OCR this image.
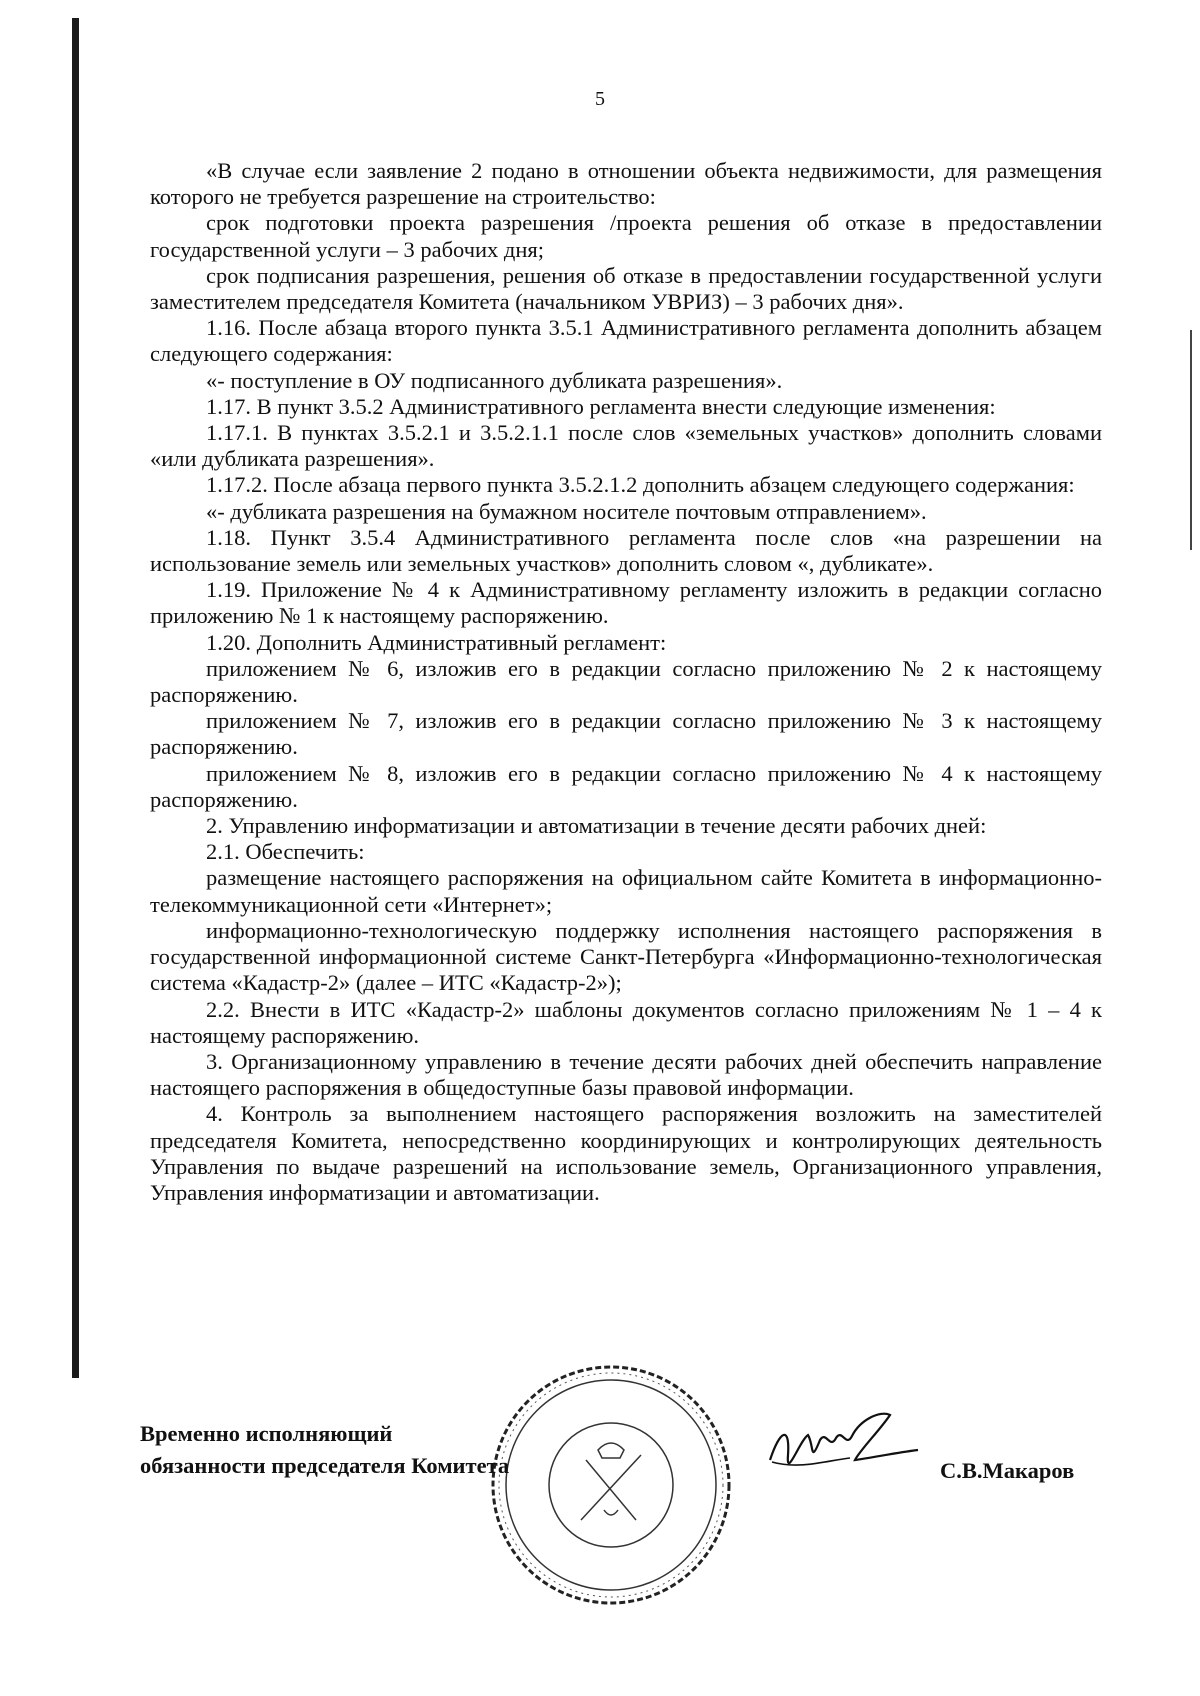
5

«В случае если заявление 2 подано в отношении объекта недвижимости, для размещения которого не требуется разрешение на строительство:

срок подготовки проекта разрешения /проекта решения об отказе в предоставлении государственной услуги – 3 рабочих дня;

срок подписания разрешения, решения об отказе в предоставлении государственной услуги заместителем председателя Комитета (начальником УВРИЗ) – 3 рабочих дня».

1.16. После абзаца второго пункта 3.5.1 Административного регламента дополнить абзацем следующего содержания:

«- поступление в ОУ подписанного дубликата разрешения».

1.17. В пункт 3.5.2 Административного регламента внести следующие изменения:

1.17.1. В пунктах 3.5.2.1 и 3.5.2.1.1 после слов «земельных участков» дополнить словами «или дубликата разрешения».

1.17.2. После абзаца первого пункта 3.5.2.1.2 дополнить абзацем следующего содержания:

«- дубликата разрешения на бумажном носителе почтовым отправлением».

1.18. Пункт 3.5.4 Административного регламента после слов «на разрешении на использование земель или земельных участков» дополнить словом «, дубликате».

1.19. Приложение № 4 к Административному регламенту изложить в редакции согласно приложению № 1 к настоящему распоряжению.

1.20. Дополнить Административный регламент:

приложением № 6, изложив его в редакции согласно приложению № 2 к настоящему распоряжению.

приложением № 7, изложив его в редакции согласно приложению № 3 к настоящему распоряжению.

приложением № 8, изложив его в редакции согласно приложению № 4 к настоящему распоряжению.

2. Управлению информатизации и автоматизации в течение десяти рабочих дней:

2.1. Обеспечить:

размещение настоящего распоряжения на официальном сайте Комитета в информационно-телекоммуникационной сети «Интернет»;

информационно-технологическую поддержку исполнения настоящего распоряжения в государственной информационной системе Санкт-Петербурга «Информационно-технологическая система «Кадастр-2» (далее – ИТС «Кадастр-2»);

2.2. Внести в ИТС «Кадастр-2» шаблоны документов согласно приложениям № 1 – 4 к настоящему распоряжению.

3. Организационному управлению в течение десяти рабочих дней обеспечить направление настоящего распоряжения в общедоступные базы правовой информации.

4. Контроль за выполнением настоящего распоряжения возложить на заместителей председателя Комитета, непосредственно координирующих и контролирующих деятельность Управления по выдаче разрешений на использование земель, Организационного управления, Управления информатизации и автоматизации.

Временно исполняющий
обязанности председателя Комитета	С.В.Макаров
